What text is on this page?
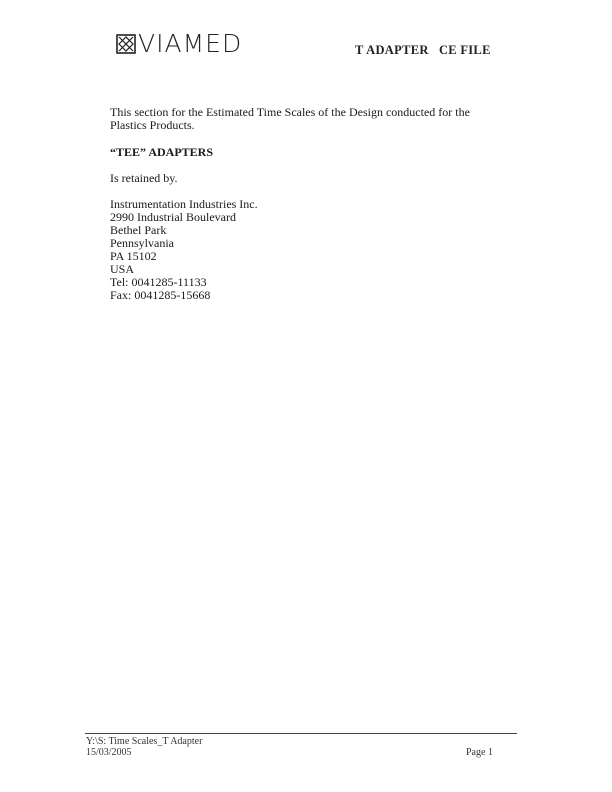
VIAMED	T ADAPTER   CE FILE
This section for the Estimated Time Scales of the Design conducted for the Plastics Products.
“TEE” ADAPTERS
Is retained by.
Instrumentation Industries Inc.
2990 Industrial Boulevard
Bethel Park
Pennsylvania
PA 15102
USA
Tel: 0041285-11133
Fax: 0041285-15668
Y:\S: Time Scales_T Adapter
15/03/2005	Page 1
